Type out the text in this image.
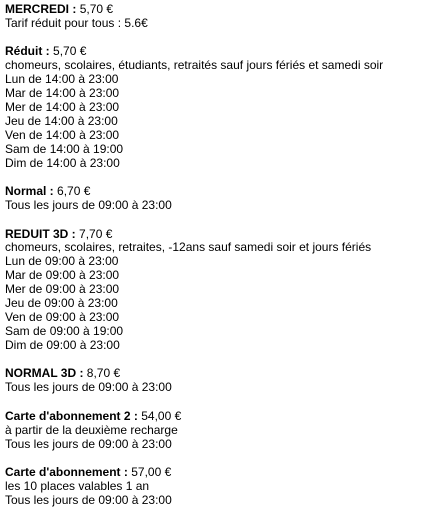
MERCREDI : 5,70 €
Tarif réduit pour tous : 5.6€
Réduit : 5,70 €
chomeurs, scolaires, étudiants, retraités sauf jours fériés et samedi soir
Lun de 14:00 à 23:00
Mar de 14:00 à 23:00
Mer de 14:00 à 23:00
Jeu de 14:00 à 23:00
Ven de 14:00 à 23:00
Sam de 14:00 à 19:00
Dim de 14:00 à 23:00
Normal : 6,70 €
Tous les jours de 09:00 à 23:00
REDUIT 3D : 7,70 €
chomeurs, scolaires, retraites, -12ans sauf samedi soir et jours fériés
Lun de 09:00 à 23:00
Mar de 09:00 à 23:00
Mer de 09:00 à 23:00
Jeu de 09:00 à 23:00
Ven de 09:00 à 23:00
Sam de 09:00 à 19:00
Dim de 09:00 à 23:00
NORMAL 3D : 8,70 €
Tous les jours de 09:00 à 23:00
Carte d'abonnement 2 : 54,00 €
à partir de la deuxième recharge
Tous les jours de 09:00 à 23:00
Carte d'abonnement : 57,00 €
les 10 places valables 1 an
Tous les jours de 09:00 à 23:00
